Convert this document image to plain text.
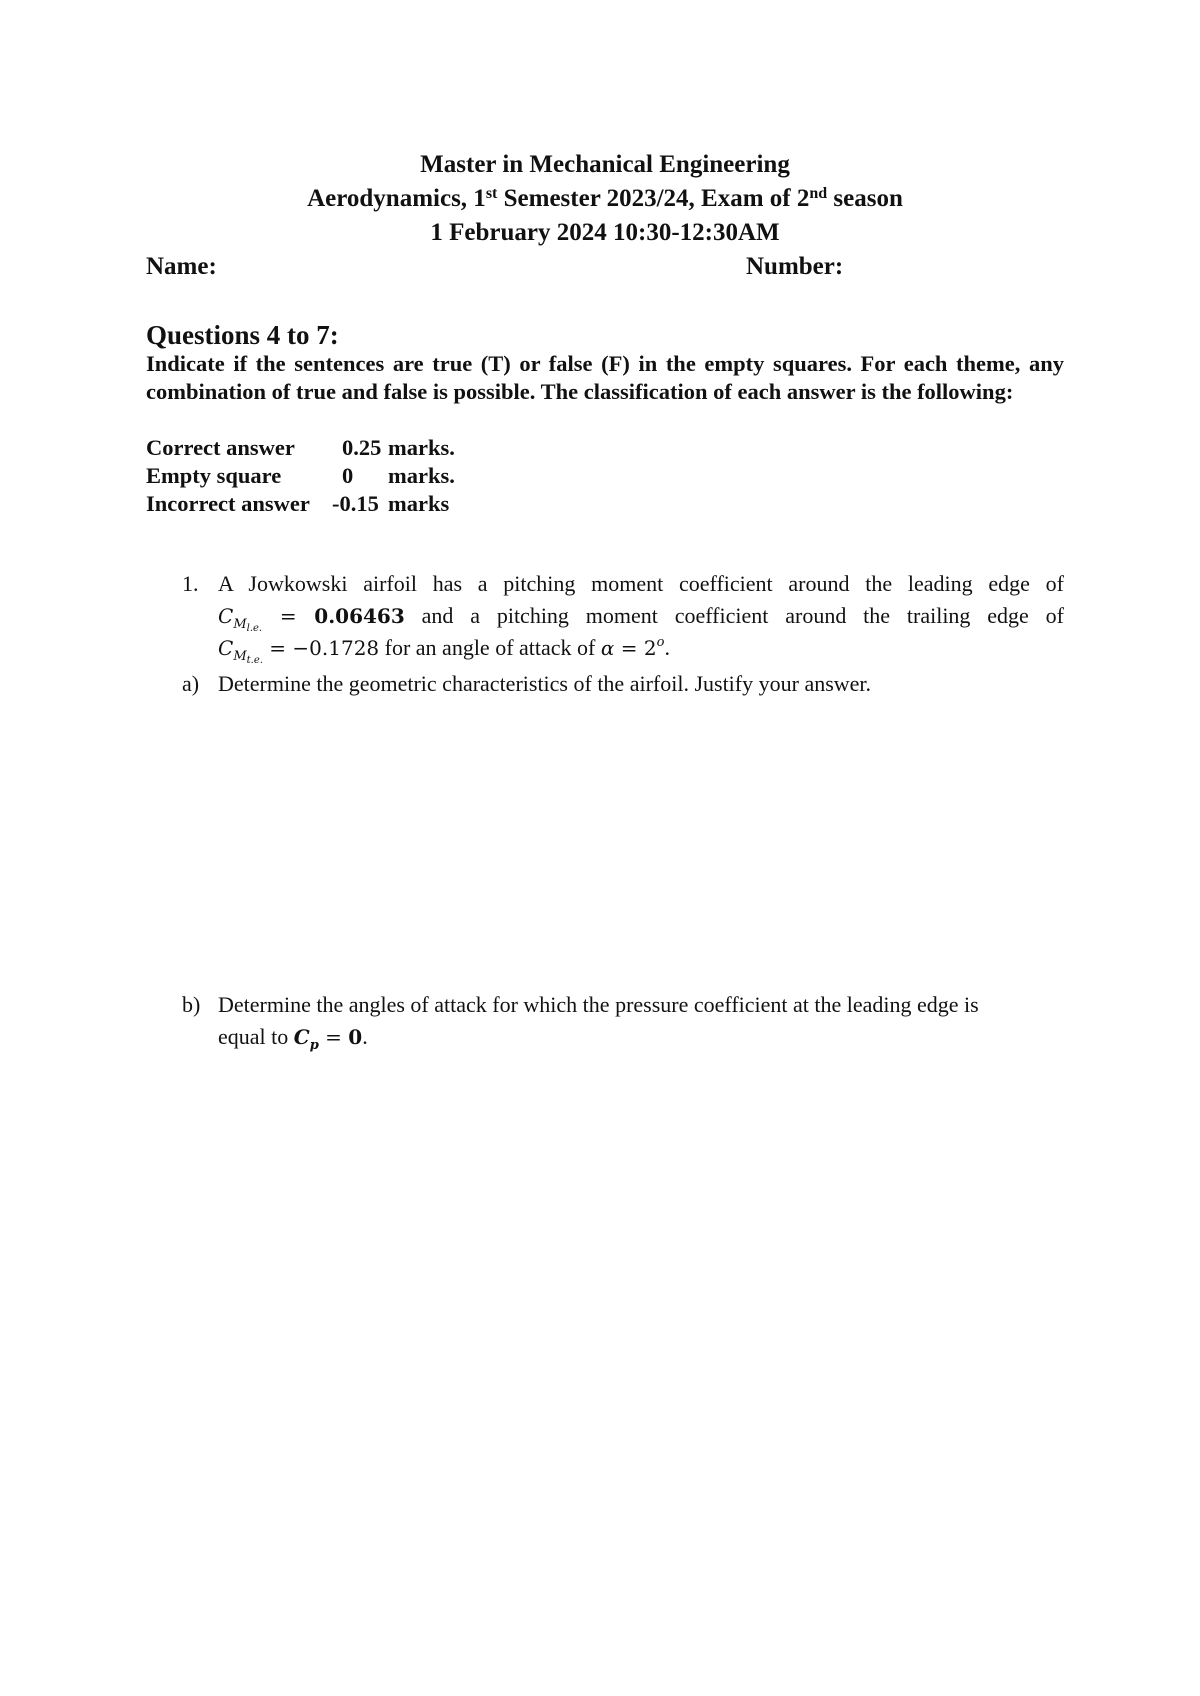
Master in Mechanical Engineering
Aerodynamics, 1st Semester 2023/24, Exam of 2nd season
1 February 2024 10:30-12:30AM
Name:	Number:
Questions 4 to 7:
Indicate if the sentences are true (T) or false (F) in the empty squares. For each theme, any combination of true and false is possible. The classification of each answer is the following:
Correct answer 0.25 marks.
Empty square	0 marks.
Incorrect answer -0.15 marks
1. A Jowkowski airfoil has a pitching moment coefficient around the leading edge of
$C_{M_{l.e.}} = 0.06463$ and a pitching moment coefficient around the trailing edge of
$C_{M_{t.e.}} = -0.1728$ for an angle of attack of $\alpha = 2^o$.
a) Determine the geometric characteristics of the airfoil. Justify your answer.
b) Determine the angles of attack for which the pressure coefficient at the leading edge is
equal to $C_p = 0$.
